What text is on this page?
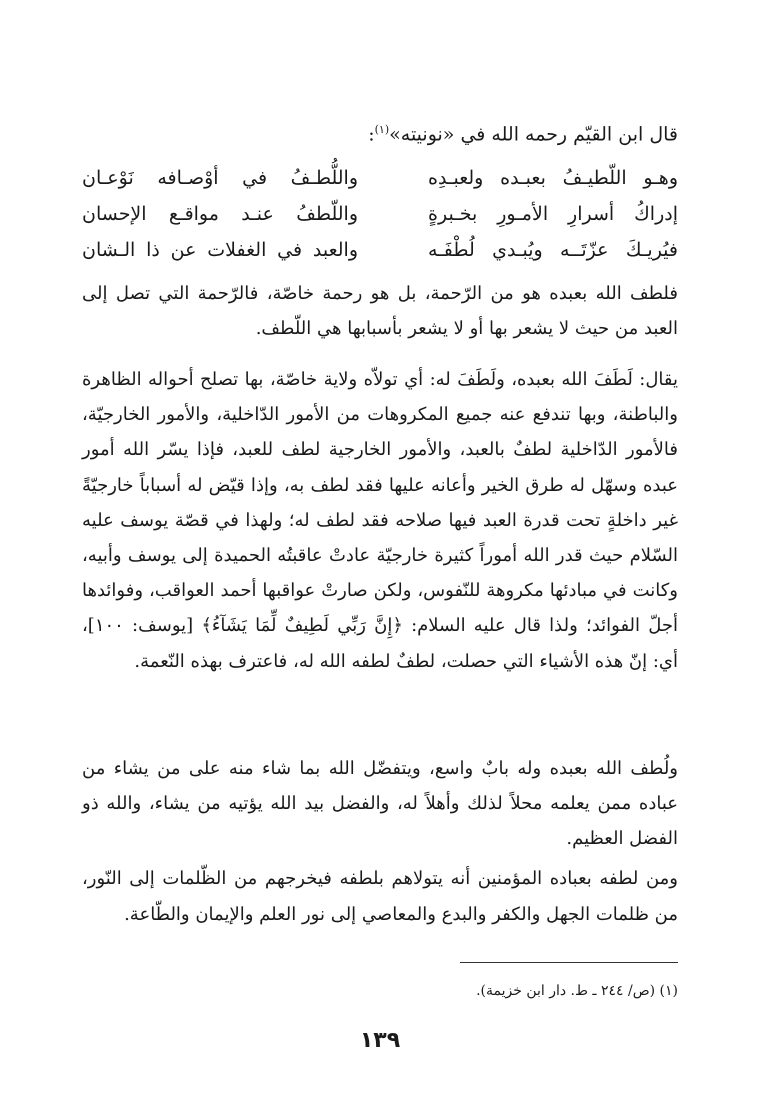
قال ابن القيّم رحمه الله في «نونيته»$^{(١)}$:
وهـو اللّطيـفُ بعبـده ولعبـدِه
واللُّطـفُ في أوْصـافه نَوْعـان
إدراكُ أسرارِ الأمـورِ بخـبرةٍ
واللّطفُ عنـد مواقـع الإحسان
فيُريـكَ عزّتَــه ويُبـدي لُطْفَـه
والعبد في الغفلات عن ذا الـشان

فلطف الله بعبده هو من الرّحمة، بل هو رحمة خاصّة، فالرّحمة التي تصل إلى العبد من حيث لا يشعر بها أو لا يشعر بأسبابها هي اللّطف.

يقال: لَطَفَ الله بعبده، ولَطَفَ له: أي تولاّه ولاية خاصّة، بها تصلح أحواله الظاهرة والباطنة، وبها تندفع عنه جميع المكروهات من الأمور الدّاخلية، والأمور الخارجيّة، فالأمور الدّاخلية لطفٌ بالعبد، والأمور الخارجية لطف للعبد، فإذا يسّر الله أمور عبده وسهّل له طرق الخير وأعانه عليها فقد لطف به، وإذا قيّض له أسباباً خارجيّةً غير داخلةٍ تحت قدرة العبد فيها صلاحه فقد لطف له؛ ولهذا في قصّة يوسف عليه السّلام حيث قدر الله أموراً كثيرة خارجيّة عادتْ عاقبتُه الحميدة إلى يوسف وأبيه، وكانت في مبادئها مكروهة للنّفوس، ولكن صارتْ عواقبها أحمد العواقب، وفوائدها أجلّ الفوائد؛ ولذا قال عليه السلام: ﴿إِنَّ رَبِّي لَطِيفٌ لِّمَا يَشَآءُ﴾ [يوسف: ١٠٠]، أي: إنّ هذه الأشياء التي حصلت، لطفٌ لطفه الله له، فاعترف بهذه النّعمة.

ولُطف الله بعبده وله بابٌ واسع، ويتفضّل الله بما شاء منه على من يشاء من عباده ممن يعلمه محلاً لذلك وأهلاً له، والفضل بيد الله يؤتيه من يشاء، والله ذو الفضل العظيم.

ومن لطفه بعباده المؤمنين أنه يتولاهم بلطفه فيخرجهم من الظّلمات إلى النّور، من ظلمات الجهل والكفر والبدع والمعاصي إلى نور العلم والإيمان والطّاعة.

(١) (ص/ ٢٤٤ ـ ط. دار ابن خزيمة).
١٣٩
